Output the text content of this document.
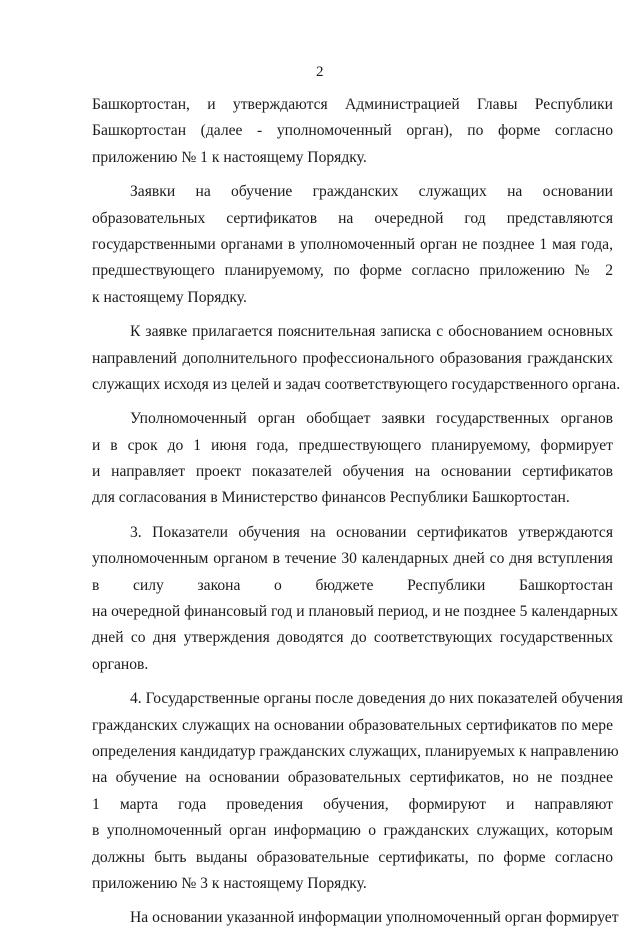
2
Башкортостан, и утверждаются Администрацией Главы Республики
Башкортостан (далее - уполномоченный орган), по форме согласно
приложению № 1 к настоящему Порядку.
Заявки на обучение гражданских служащих на основании
образовательных сертификатов на очередной год представляются
государственными органами в уполномоченный орган не позднее 1 мая года,
предшествующего планируемому, по форме согласно приложению № 2
к настоящему Порядку.
К заявке прилагается пояснительная записка с обоснованием основных
направлений дополнительного профессионального образования гражданских
служащих исходя из целей и задач соответствующего государственного органа.
Уполномоченный орган обобщает заявки государственных органов
и в срок до 1 июня года, предшествующего планируемому, формирует
и направляет проект показателей обучения на основании сертификатов
для согласования в Министерство финансов Республики Башкортостан.
3. Показатели обучения на основании сертификатов утверждаются
уполномоченным органом в течение 30 календарных дней со дня вступления
в силу закона о бюджете Республики Башкортостан
на очередной финансовый год и плановый период, и не позднее 5 календарных
дней со дня утверждения доводятся до соответствующих государственных
органов.
4. Государственные органы после доведения до них показателей обучения
гражданских служащих на основании образовательных сертификатов по мере
определения кандидатур гражданских служащих, планируемых к направлению
на обучение на основании образовательных сертификатов, но не позднее
1 марта года проведения обучения, формируют и направляют
в уполномоченный орган информацию о гражданских служащих, которым
должны быть выданы образовательные сертификаты, по форме согласно
приложению № 3 к настоящему Порядку.
На основании указанной информации уполномоченный орган формирует
